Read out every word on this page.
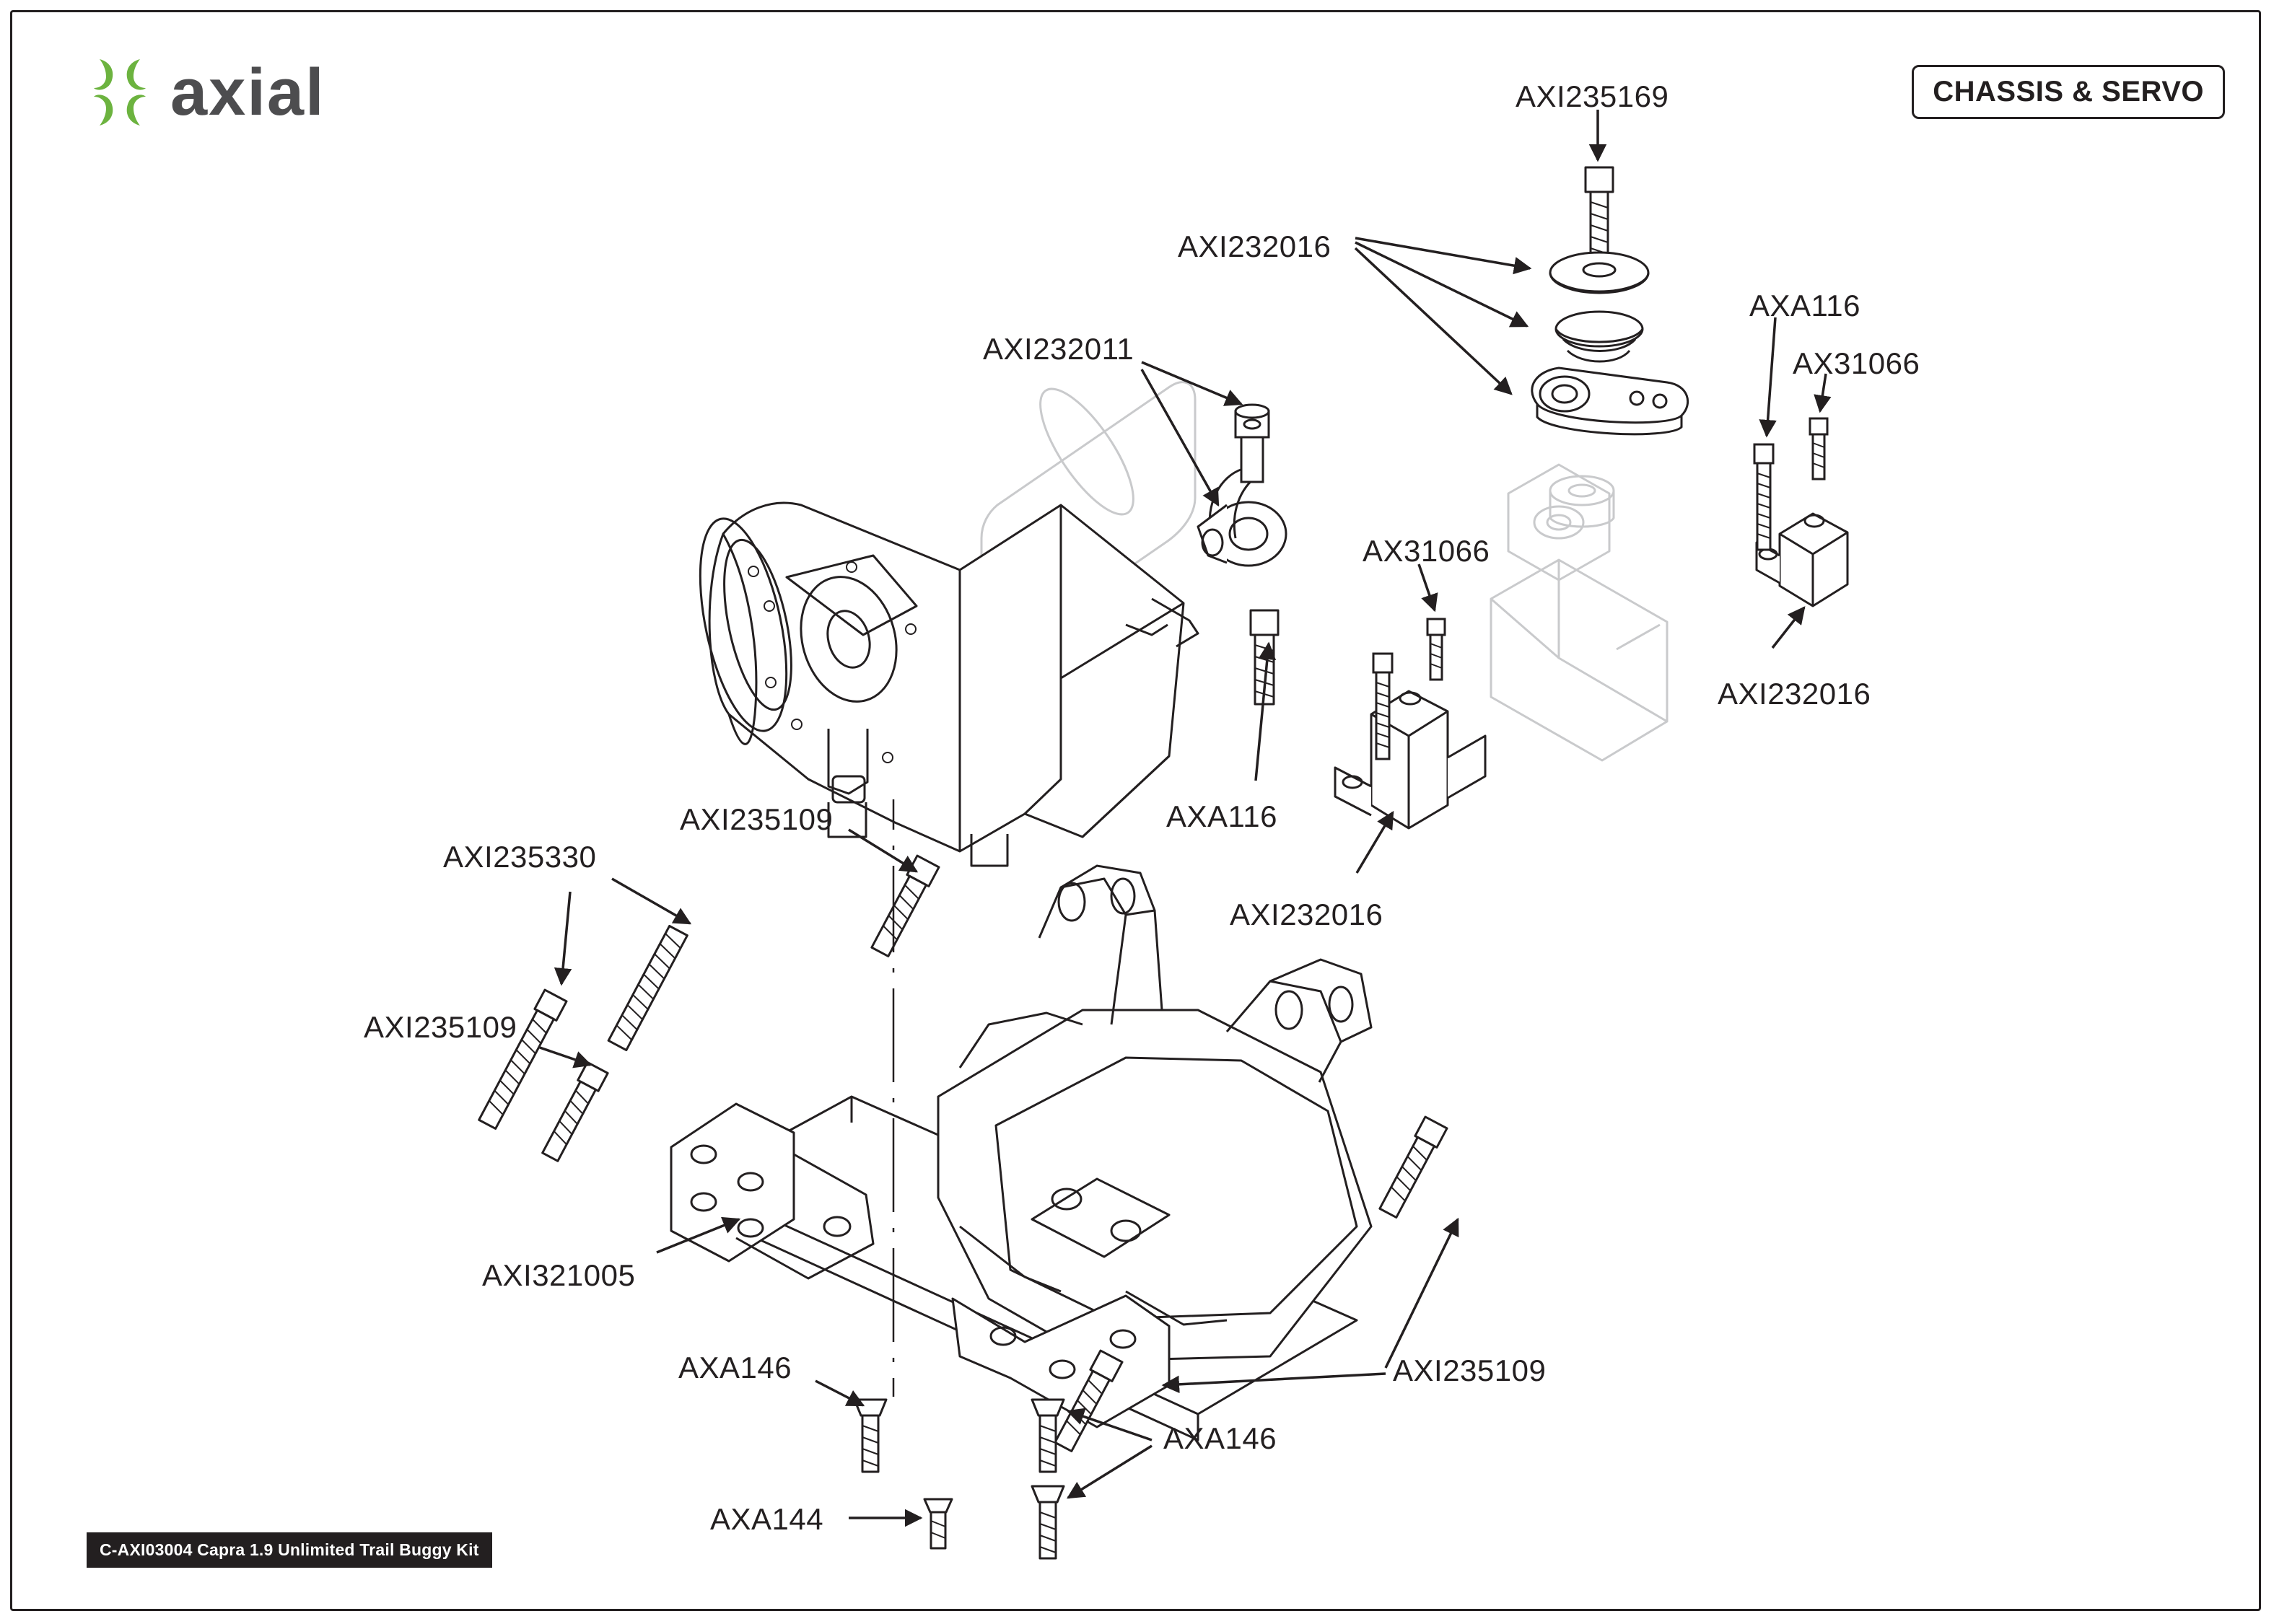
axial	CHASSIS & SERVO
AXI235169
AXI232016
AXA116
AX31066
AXI232011
AX31066
AXI232016
AXA116
AXI232016
AXI235109
AXI235330
AXI235109
AXI321005
AXI235109
AXA146
AXA146
AXA144
C-AXI03004 Capra 1.9 Unlimited Trail Buggy Kit
